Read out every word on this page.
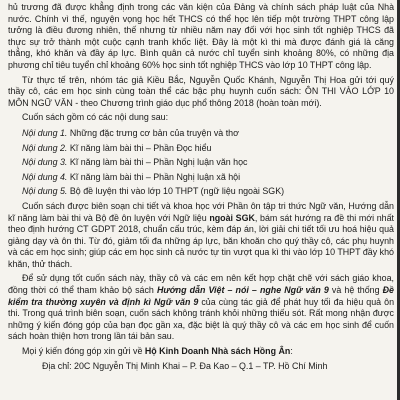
hủ trương đã được khẳng định trong các văn kiện của Đảng và chính sách pháp luật của Nhà nước. Chính vì thế, nguyện vọng học hết THCS có thể học lên tiếp một trường THPT công lập tưởng là điều đương nhiên, thế nhưng từ nhiều năm nay đối với học sinh tốt nghiệp THCS đã thực sự trở thành một cuộc cạnh tranh khốc liệt. Đây là một kì thi mà được đánh giá là căng thẳng, khó khăn và đầy áp lực. Bình quân cả nước chỉ tuyển sinh khoảng 80%, có những địa phương chỉ tiêu tuyển chỉ khoảng 60% học sinh tốt nghiệp THCS vào lớp 10 THPT công lập.

Từ thực tế trên, nhóm tác giả Kiều Bắc, Nguyễn Quốc Khánh, Nguyễn Thị Hoa gửi tới quý thầy cô, các em học sinh cùng toàn thể các bậc phụ huynh cuốn sách: ÔN THI VÀO LỚP 10 MÔN NGỮ VĂN - theo Chương trình giáo dục phổ thông 2018 (hoàn toàn mới).

Cuốn sách gồm có các nội dung sau:

Nội dung 1. Những đặc trưng cơ bản của truyện và thơ
Nội dung 2. Kĩ năng làm bài thi – Phần Đọc hiểu
Nội dung 3. Kĩ năng làm bài thi – Phần Nghị luận văn học
Nội dung 4. Kĩ năng làm bài thi – Phần Nghị luận xã hội
Nội dung 5. Bộ đề luyện thi vào lớp 10 THPT (ngữ liệu ngoài SGK)

Cuốn sách được biên soạn chi tiết và khoa học với Phần ôn tập tri thức Ngữ văn, Hướng dẫn kĩ năng làm bài thi và Bộ đề ôn luyện với Ngữ liệu ngoài SGK, bám sát hướng ra đề thi mới nhất theo định hướng CT GDPT 2018, chuẩn cấu trúc, kèm đáp án, lời giải chi tiết tối ưu hoá hiệu quả giảng dạy và ôn thi. Từ đó, giảm tối đa những áp lực, băn khoăn cho quý thầy cô, các phụ huynh và các em học sinh; giúp các em học sinh cả nước tự tin vượt qua kì thi vào lớp 10 THPT đầy khó khăn, thử thách.

Để sử dụng tốt cuốn sách này, thầy cô và các em nên kết hợp chặt chẽ với sách giáo khoa, đồng thời có thể tham khảo bộ sách Hướng dẫn Việt – nói – nghe Ngữ văn 9 và hệ thống Đề kiểm tra thường xuyên và định kì Ngữ văn 9 của cùng tác giả để phát huy tối đa hiệu quả ôn thi. Trong quá trình biên soạn, cuốn sách không tránh khỏi những thiếu sót. Rất mong nhận được những ý kiến đóng góp của bạn đọc gần xa, đặc biệt là quý thầy cô và các em học sinh để cuốn sách hoàn thiện hơn trong lần tái bản sau.

Mọi ý kiến đóng góp xin gửi về Hộ Kinh Doanh Nhà sách Hồng Ân:

Địa chỉ: 20C Nguyễn Thị Minh Khai – P. Đa Kao – Q.1 – TP. Hồ Chí Minh
